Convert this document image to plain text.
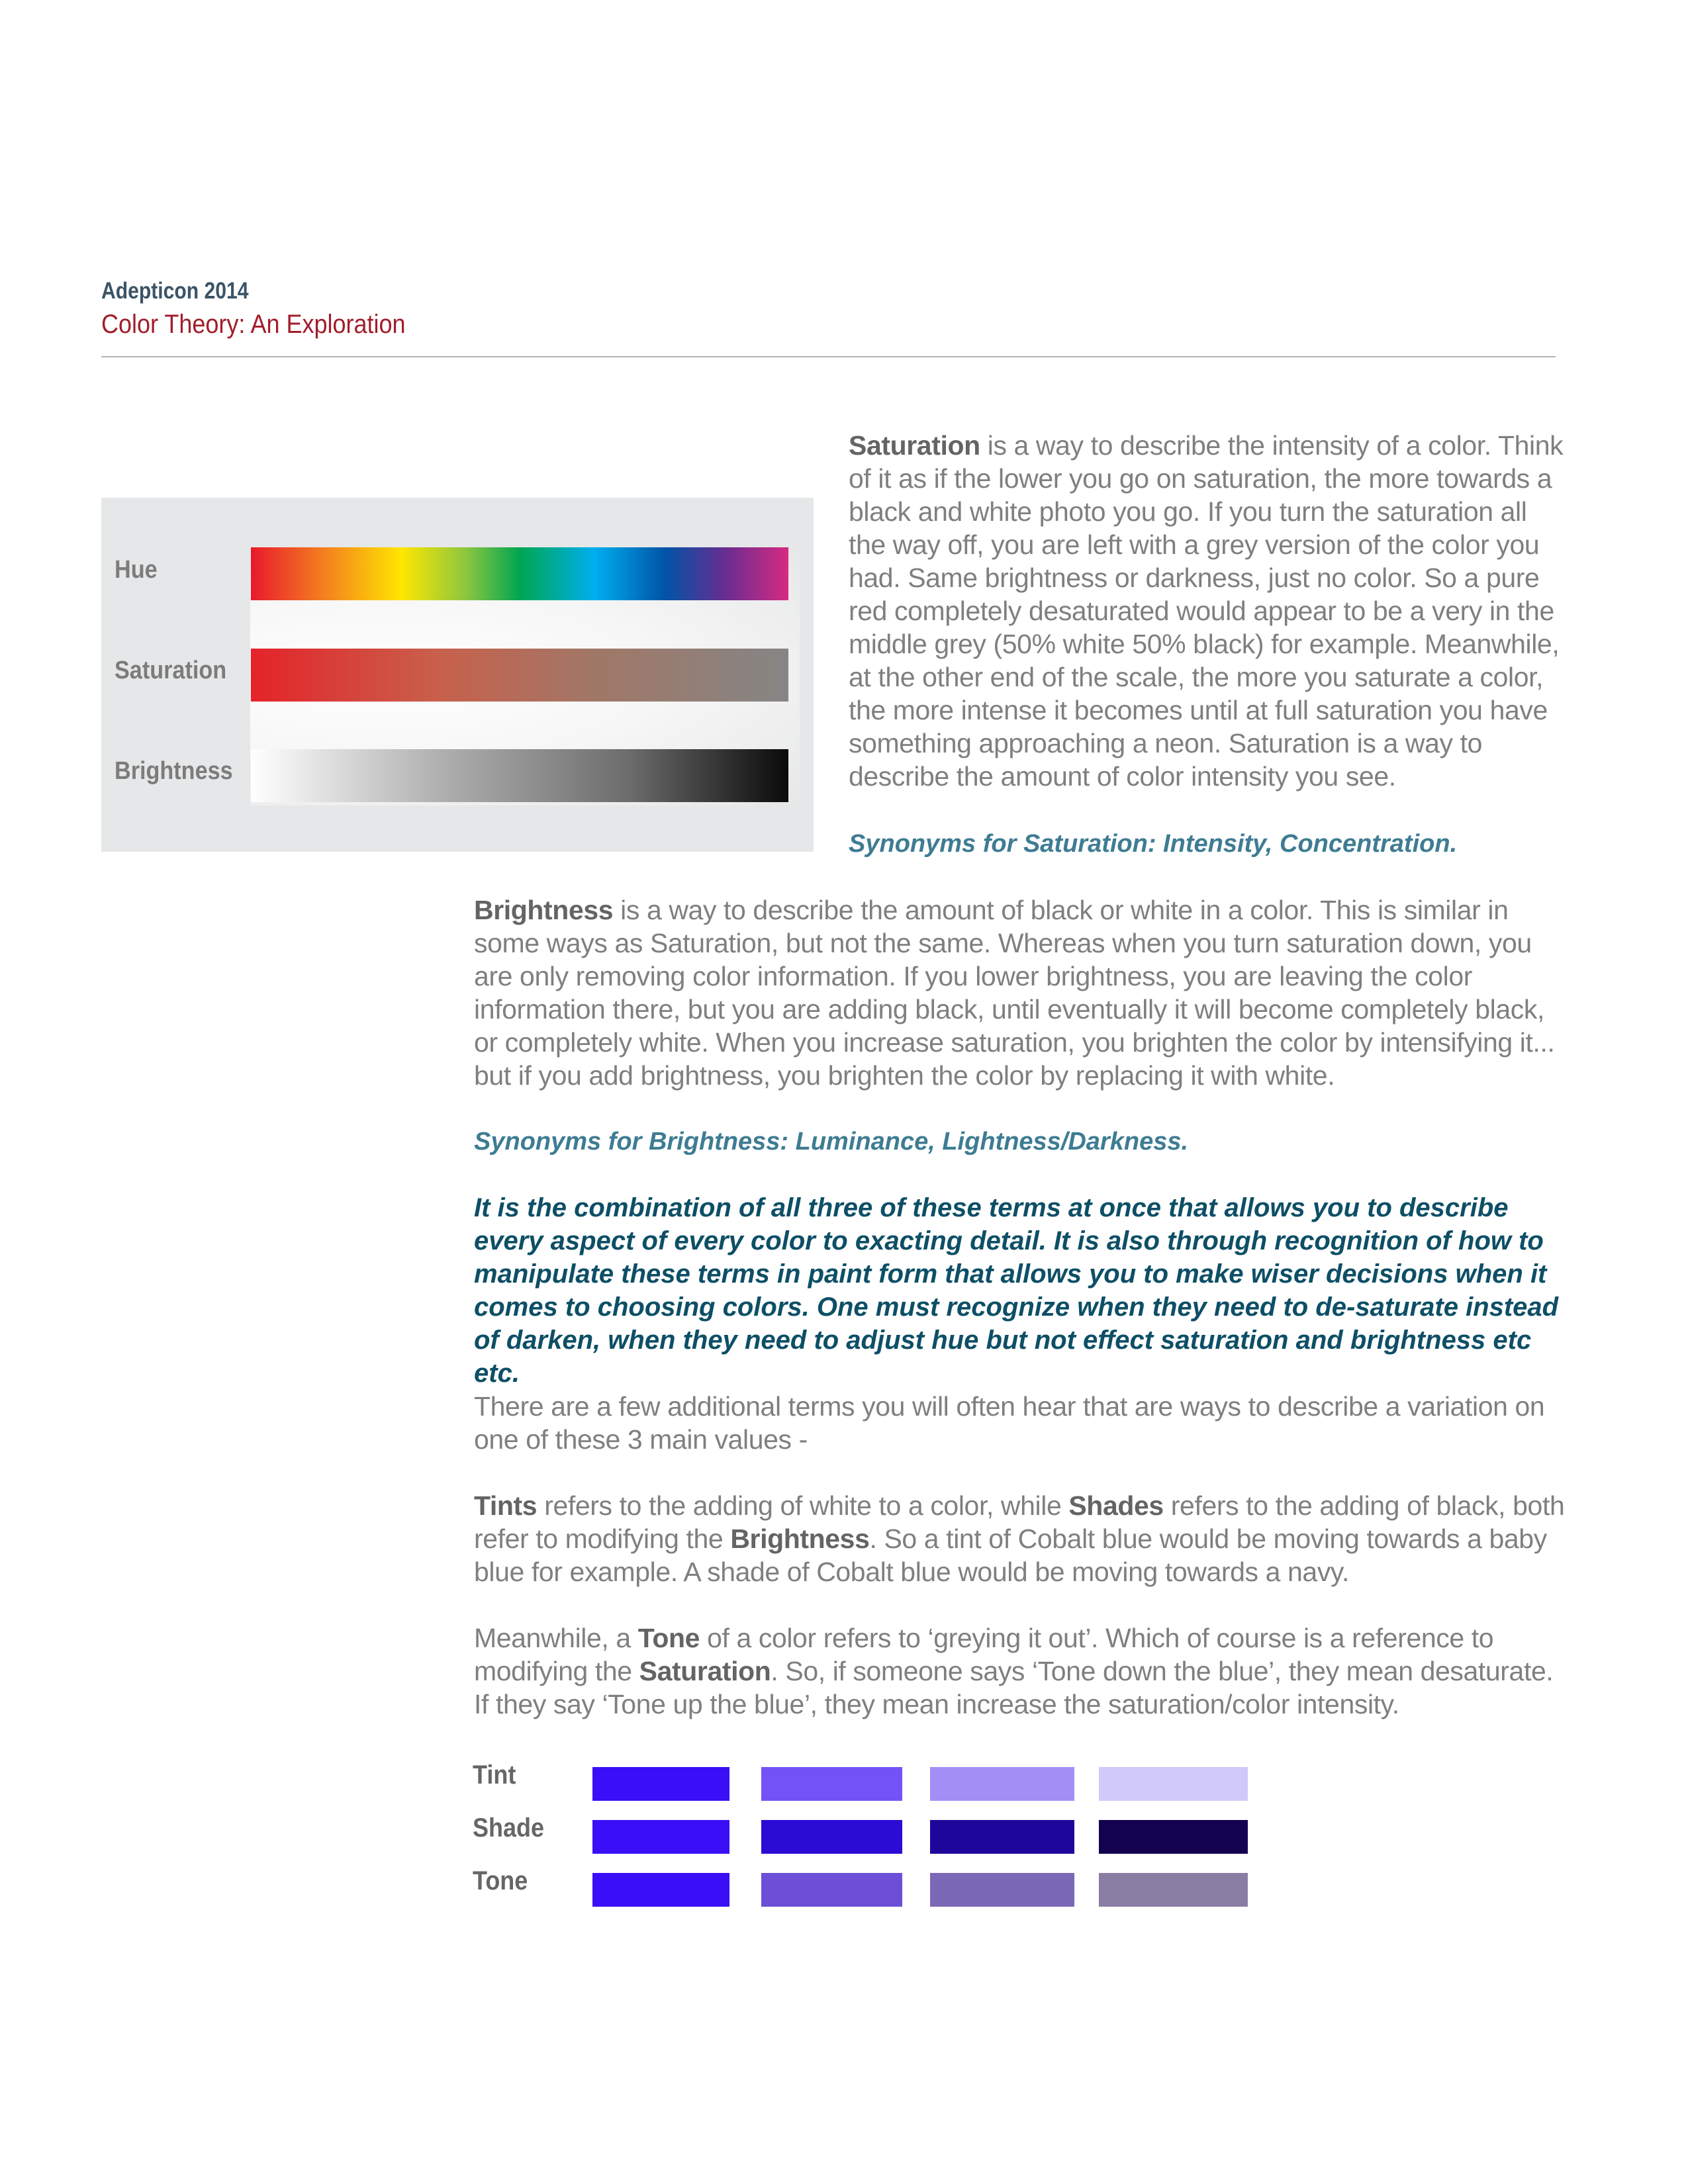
Adepticon 2014
Color Theory: An Exploration
Hue
Saturation
Brightness

Saturation is a way to describe the intensity of a color. Think of it as if the lower you go on saturation, the more towards a black and white photo you go. If you turn the saturation all the way off, you are left with a grey version of the color you had. Same brightness or darkness, just no color. So a pure red completely desaturated would appear to be a very in the middle grey (50% white 50% black) for example. Meanwhile, at the other end of the scale, the more you saturate a color, the more intense it becomes until at full saturation you have something approaching a neon. Saturation is a way to describe the amount of color intensity you see.

Synonyms for Saturation: Intensity, Concentration.

Brightness is a way to describe the amount of black or white in a color. This is similar in some ways as Saturation, but not the same. Whereas when you turn saturation down, you are only removing color information. If you lower brightness, you are leaving the color information there, but you are adding black, until eventually it will become completely black, or completely white. When you increase saturation, you brighten the color by intensifying it... but if you add brightness, you brighten the color by replacing it with white.

Synonyms for Brightness: Luminance, Lightness/Darkness.
It is the combination of all three of these terms at once that allows you to describe every aspect of every color to exacting detail. It is also through recognition of how to manipulate these terms in paint form that allows you to make wiser decisions when it comes to choosing colors. One must recognize when they need to de-saturate instead of darken, when they need to adjust hue but not effect saturation and brightness etc etc.
There are a few additional terms you will often hear that are ways to describe a variation on one of these 3 main values -

Tints refers to the adding of white to a color, while Shades refers to the adding of black, both refer to modifying the Brightness. So a tint of Cobalt blue would be moving towards a baby blue for example. A shade of Cobalt blue would be moving towards a navy.

Meanwhile, a Tone of a color refers to ‘greying it out’. Which of course is a reference to modifying the Saturation. So, if someone says ‘Tone down the blue’, they mean desaturate. If they say ‘Tone up the blue’, they mean increase the saturation/color intensity.

Tint
Shade
Tone
